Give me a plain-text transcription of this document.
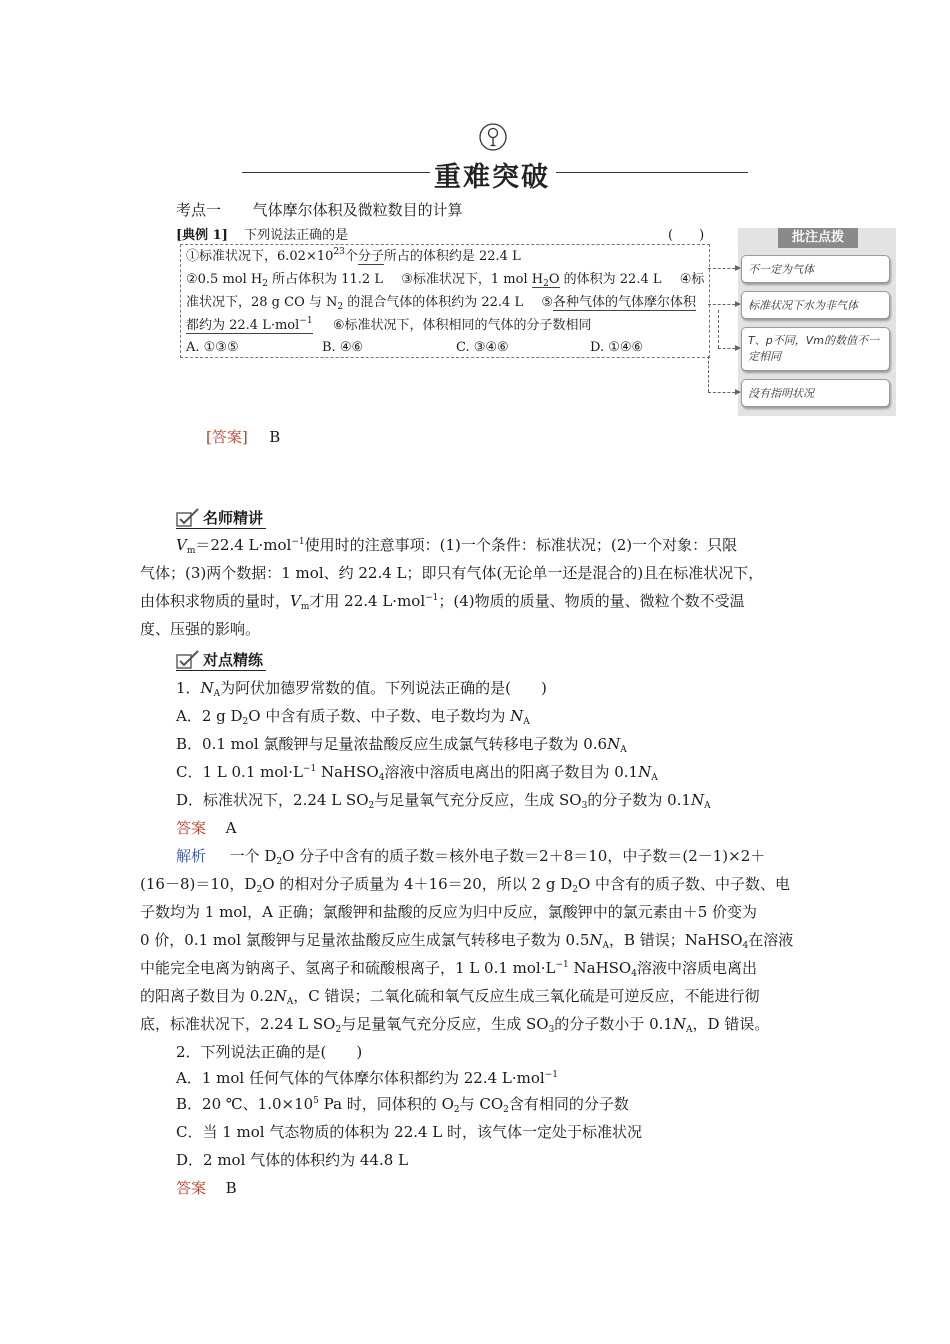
重难突破
考点一 气体摩尔体积及微粒数目的计算
[典例 1] 下列说法正确的是	(　　)
①标准状况下，$6.02\times 10^{23}$个分子所占的体积约是 22.4 L
②0.5 mol $H_2$ 所占体积为 11.2 L ③标准状况下，1 mol $H_2O$ 的体积为 22.4 L ④标
准状况下，28 g CO 与 $N_2$ 的混合气体的体积约为 22.4 L ⑤各种气体的气体摩尔体积
都约为 22.4 L·mol$^{-1}$ ⑥标准状况下，体积相同的气体的分子数相同
A. ①③⑤	B. ④⑥	C. ③④⑥	D. ①④⑥
批注点拨
不一定为气体
标准状况下水为非气体
T、p不同，Vm的数值不一定相同
没有指明状况
[答案] B
名师精讲
$V_m=22.4$ L·mol$^{-1}$使用时的注意事项：(1)一个条件：标准状况；(2)一个对象：只限
气体；(3)两个数据：1 mol、约 22.4 L；即只有气体(无论单一还是混合的)且在标准状况下，
由体积求物质的量时，$V_m$才用 22.4 L·mol$^{-1}$；(4)物质的质量、物质的量、微粒个数不受温
度、压强的影响。
对点精练
1．$N_A$为阿伏加德罗常数的值。下列说法正确的是(　　)
A．2 g $D_2O$ 中含有质子数、中子数、电子数均为 $N_A$
B．0.1 mol 氯酸钾与足量浓盐酸反应生成氯气转移电子数为 $0.6N_A$
C．1 L 0.1 $mol\cdot L^{-1}$ NaHSO$_4$溶液中溶质电离出的阳离子数目为 $0.1N_A$
D．标准状况下，2.24 L $SO_2$与足量氧气充分反应，生成 $SO_3$的分子数为 $0.1N_A$
答案 A
解析 一个 $D_2O$ 分子中含有的质子数＝核外电子数＝2＋8＝10，中子数＝(2－1)×2＋
(16－8)＝10，$D_2O$ 的相对分子质量为 4＋16＝20，所以 2 g $D_2O$ 中含有的质子数、中子数、电
子数均为 1 mol，A 正确；氯酸钾和盐酸的反应为归中反应，氯酸钾中的氯元素由＋5 价变为
0 价，0.1 mol 氯酸钾与足量浓盐酸反应生成氯气转移电子数为 $0.5N_A$，B 错误；NaHSO$_4$在溶液
中能完全电离为钠离子、氢离子和硫酸根离子，1 L 0.1 $mol\cdot L^{-1}$ NaHSO$_4$溶液中溶质电离出
的阳离子数目为 $0.2N_A$，C 错误；二氧化硫和氧气反应生成三氧化硫是可逆反应，不能进行彻
底，标准状况下，2.24 L $SO_2$与足量氧气充分反应，生成 $SO_3$的分子数小于 $0.1N_A$，D 错误。
2．下列说法正确的是(　　)
A．1 mol 任何气体的气体摩尔体积都约为 22.4 L·mol$^{-1}$
B．20 ℃、$1.0\times 10^5$ Pa 时，同体积的 $O_2$与 $CO_2$含有相同的分子数
C．当 1 mol 气态物质的体积为 22.4 L 时，该气体一定处于标准状况
D．2 mol 气体的体积约为 44.8 L
答案 B
